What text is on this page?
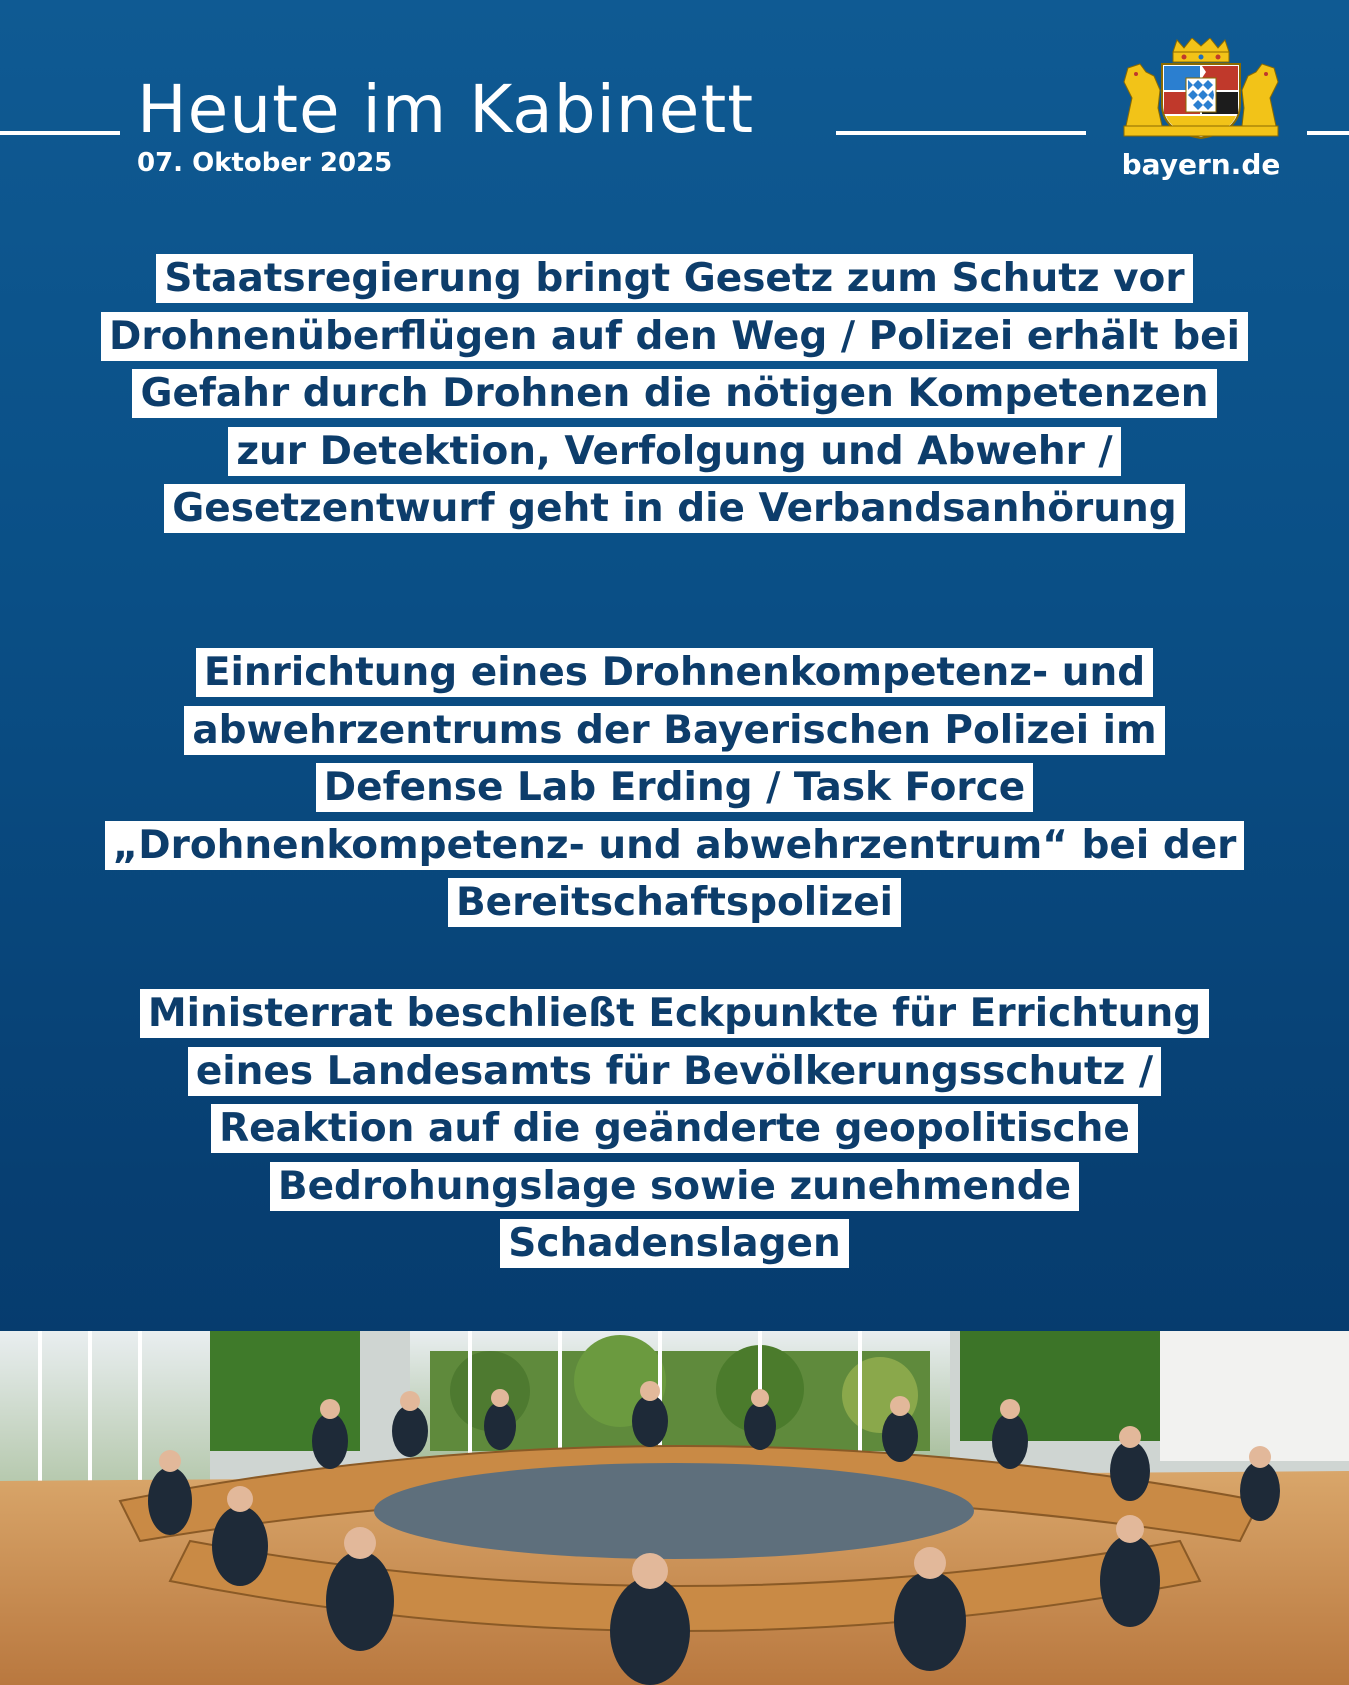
Heute im Kabinett
07. Oktober 2025	bayern.de

Staatsregierung bringt Gesetz zum Schutz vor Drohnenüberflügen auf den Weg / Polizei erhält bei Gefahr durch Drohnen die nötigen Kompetenzen zur Detektion, Verfolgung und Abwehr / Gesetzentwurf geht in die Verbandsanhörung

Einrichtung eines Drohnenkompetenz- und abwehrzentrums der Bayerischen Polizei im Defense Lab Erding / Task Force „Drohnenkompetenz- und abwehrzentrum“ bei der Bereitschaftspolizei

Ministerrat beschließt Eckpunkte für Errichtung eines Landesamts für Bevölkerungsschutz / Reaktion auf die geänderte geopolitische Bedrohungslage sowie zunehmende Schadenslagen
